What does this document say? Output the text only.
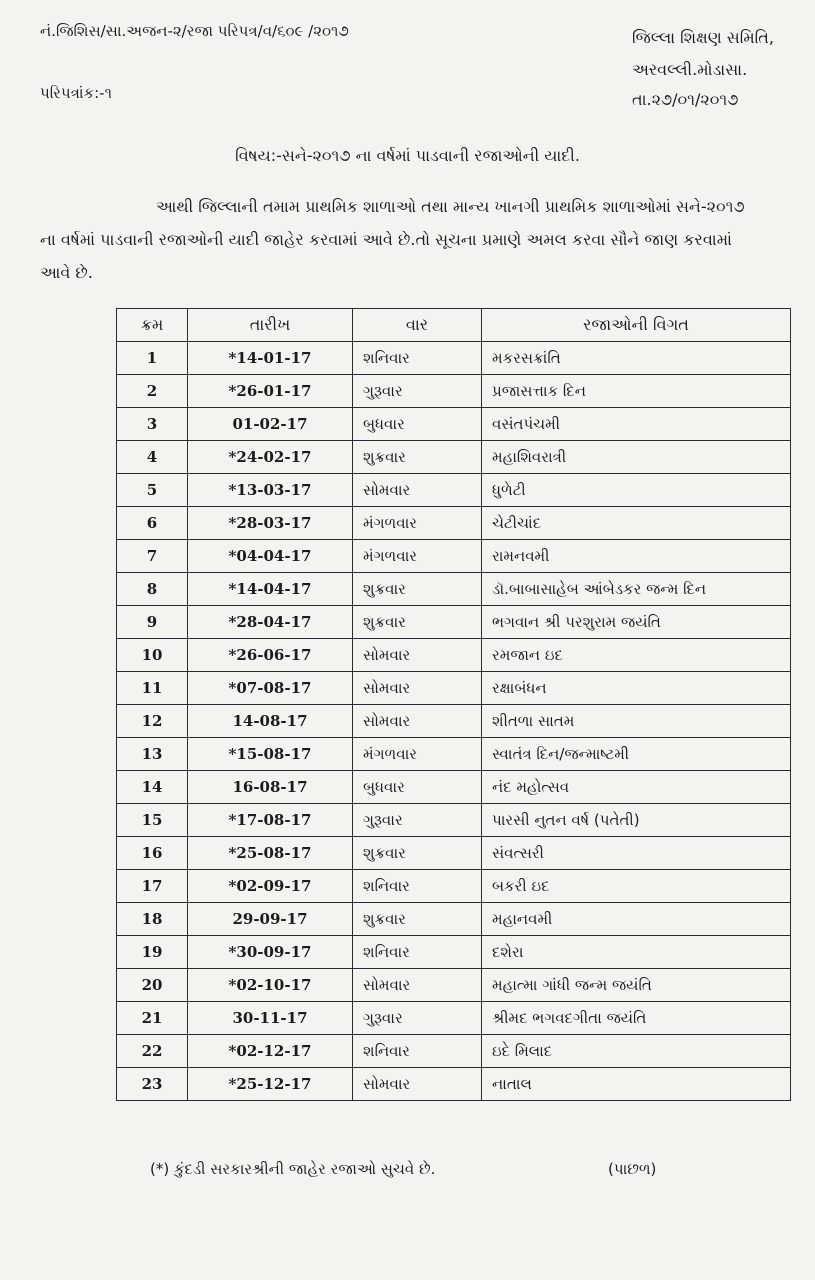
નં.જિશિસ/સા.અજન-૨/રજા પરિપત્ર/વ/૬૦૯ /૨૦૧૭	જિલ્લા શિક્ષણ સમિતિ,
અરવલ્લી.મોડાસા.
પરિપત્રાંક:-૧	તા.૨૭/૦૧/૨૦૧૭
વિષય:-સને-૨૦૧૭ ના વર્ષમાં પાડવાની રજાઓની યાદી.
આથી જિલ્લાની તમામ પ્રાથમિક શાળાઓ તથા માન્ય ખાનગી પ્રાથમિક શાળાઓમાં સને-૨૦૧૭
ના વર્ષમાં પાડવાની રજાઓની યાદી જાહેર કરવામાં આવે છે.તો સૂચના પ્રમાણે અમલ કરવા સૌને જાણ કરવામાં
આવે છે.
ક્રમ	તારીખ	વાર	રજાઓની વિગત
1	*14-01-17	શનિવાર	મકરસક્રાંતિ
2	*26-01-17	ગુરૂવાર	પ્રજાસત્તાક દિન
3	01-02-17	બુધવાર	વસંતપંચમી
4	*24-02-17	શુક્રવાર	મહાશિવરાત્રી
5	*13-03-17	સોમવાર	ધુળેટી
6	*28-03-17	મંગળવાર	ચેટીચાંદ
7	*04-04-17	મંગળવાર	રામનવમી
8	*14-04-17	શુક્રવાર	ડૉ.બાબાસાહેબ આંબેડકર જન્મ દિન
9	*28-04-17	શુક્રવાર	ભગવાન શ્રી પરશુરામ જયંતિ
10	*26-06-17	સોમવાર	રમજાન ઇદ
11	*07-08-17	સોમવાર	રક્ષાબંધન
12	14-08-17	સોમવાર	શીતળા સાતમ
13	*15-08-17	મંગળવાર	સ્વાતંત્ર દિન/જન્માષ્ટમી
14	16-08-17	બુધવાર	નંદ મહોત્સવ
15	*17-08-17	ગુરૂવાર	પારસી નુતન વર્ષ (પતેતી)
16	*25-08-17	શુક્રવાર	સંવત્સરી
17	*02-09-17	શનિવાર	બકરી ઇદ
18	29-09-17	શુક્રવાર	મહાનવમી
19	*30-09-17	શનિવાર	દશેરા
20	*02-10-17	સોમવાર	મહાત્મા ગાંધી જન્મ જયંતિ
21	30-11-17	ગુરૂવાર	શ્રીમદ ભગવદગીતા જયંતિ
22	*02-12-17	શનિવાર	ઇદે મિલાદ
23	*25-12-17	સોમવાર	નાતાલ
(*) કુંદડી સરકારશ્રીની જાહેર રજાઓ સુચવે છે.	(પાછળ)
